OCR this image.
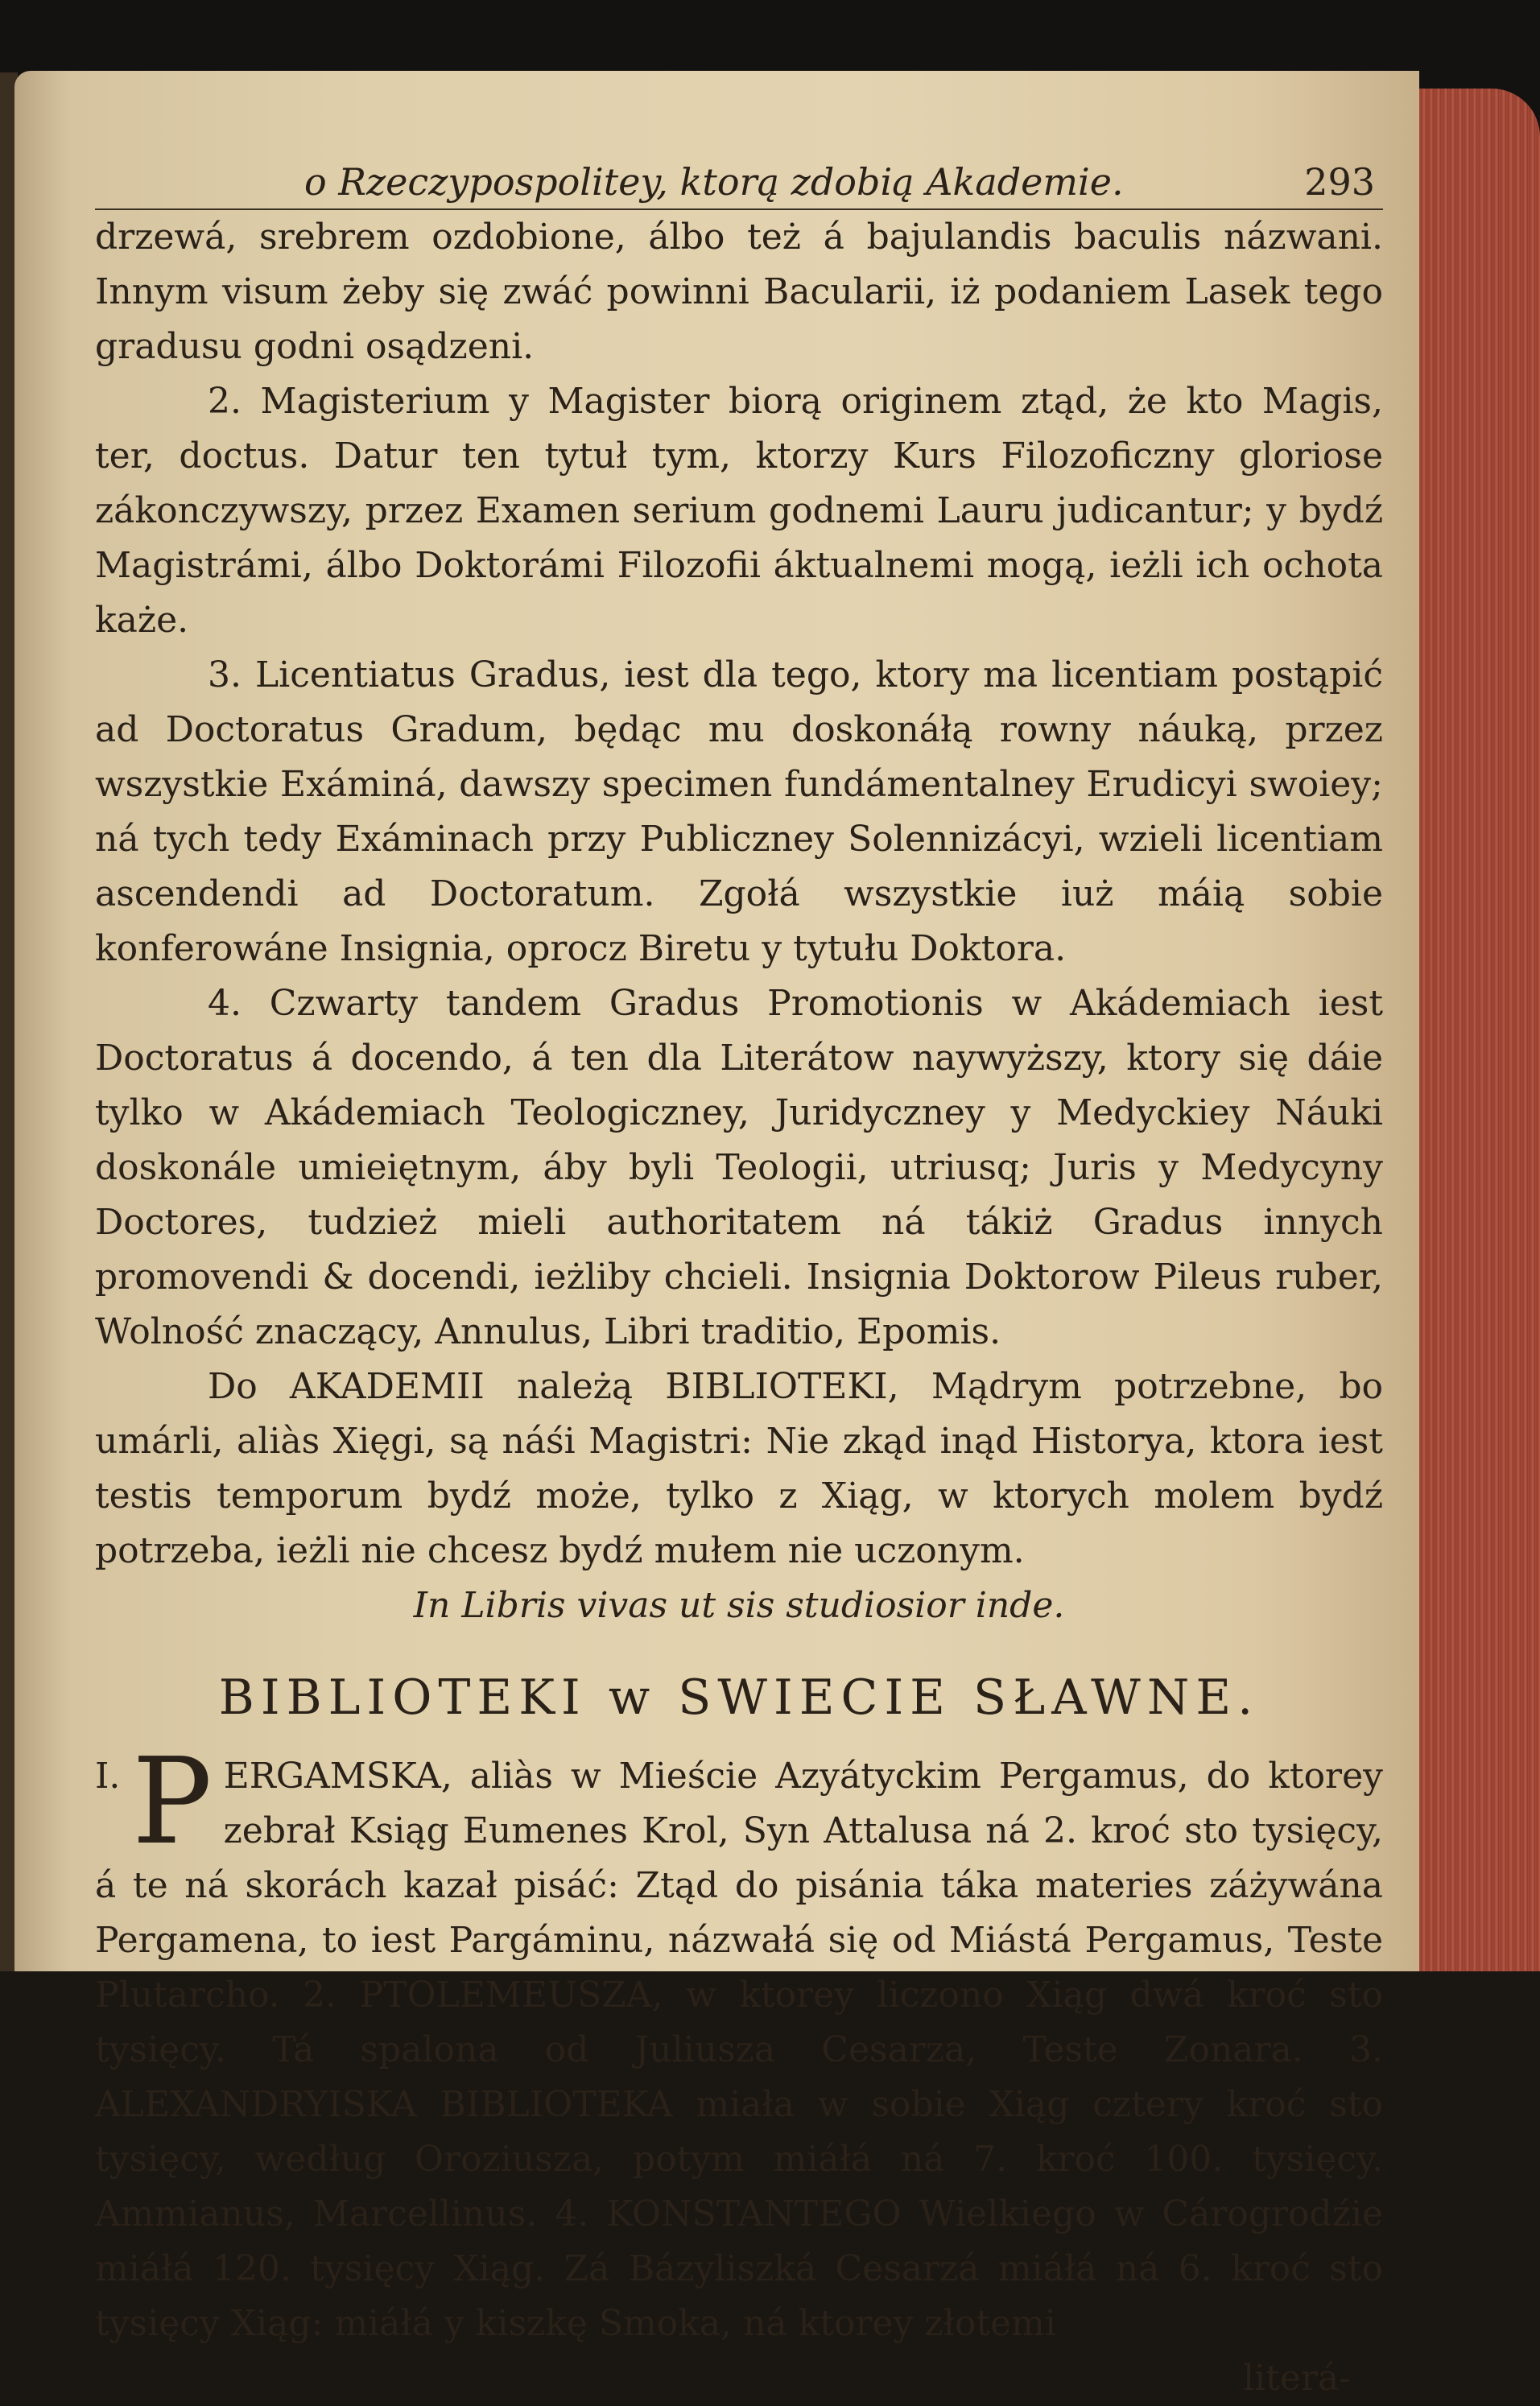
o Rzeczypospolitey, ktorą zdobią Akademie.	293

drzewá, srebrem ozdobione, álbo też á bajulandis baculis názwani. Innym visum żeby się zwáć powinni Bacularii, iż podaniem Lasek tego gradusu godni osądzeni.

2. Magisterium y Magister biorą originem ztąd, że kto Magis, ter, doctus. Datur ten tytuł tym, ktorzy Kurs Filozoficzny gloriose zákonczywszy, przez Examen serium godnemi Lauru judicantur; y bydź Magistrámi, álbo Doktorámi Filozofii áktualnemi mogą, ieżli ich ochota każe.

3. Licentiatus Gradus, iest dla tego, ktory ma licentiam postąpić ad Doctoratus Gradum, będąc mu doskonáłą rowny náuką, przez wszystkie Exáminá, dawszy specimen fundámentalney Erudicyi swoiey; ná tych tedy Exáminach przy Publiczney Solennizácyi, wzieli licentiam ascendendi ad Doctoratum. Zgołá wszystkie iuż máią sobie konferowáne Insignia, oprocz Biretu y tytułu Doktora.

4. Czwarty tandem Gradus Promotionis w Akádemiach iest Doctoratus á docendo, á ten dla Literátow naywyższy, ktory się dáie tylko w Akádemiach Teologiczney, Juridyczney y Medyckiey Náuki doskonále umieiętnym, áby byli Teologii, utriusq; Juris y Medycyny Doctores, tudzież mieli authoritatem ná tákiż Gradus innych promovendi & docendi, ieżliby chcieli. Insignia Doktorow Pileus ruber, Wolność znaczący, Annulus, Libri traditio, Epomis.

Do AKADEMII należą BIBLIOTEKI, Mądrym potrzebne, bo umárli, aliàs Xięgi, są náśi Magistri: Nie zkąd inąd Historya, ktora iest testis temporum bydź może, tylko z Xiąg, w ktorych molem bydź potrzeba, ieżli nie chcesz bydź mułem nie uczonym.

In Libris vivas ut sis studiosior inde.

BIBLIOTEKI w SWIECIE SŁAWNE.

I. P ERGAMSKA, aliàs w Mieście Azyátyckim Pergamus, do ktorey zebrał Ksiąg Eumenes Krol, Syn Attalusa ná 2. kroć sto tysięcy, á te ná skorách kazał pisáć: Ztąd do pisánia táka materies záżywána Pergamena, to iest Pargáminu, názwałá się od Miástá Pergamus, Teste Plutarcho. 2. PTOLEMEUSZA, w ktorey liczono Xiąg dwá kroć sto tysięcy. Tá spalona od Juliusza Cesarza, Teste Zonara. 3. ALEXANDRYISKA BIBLIOTEKA miała w sobie Xiąg cztery kroć sto tysięcy, według Oroziusza, potym miáłá ná 7. kroć 100. tysięcy. Ammianus, Marcellinus. 4. KONSTANTEGO Wielkiego w Cárogrodźie miáłá 120. tysięcy Xiąg. Zá Bázyliszká Cesarzá miáłá ná 6. kroć sto tysięcy Xiąg: miáłá y kiszkę Smoka, ná ktorey złotemi

literá-
